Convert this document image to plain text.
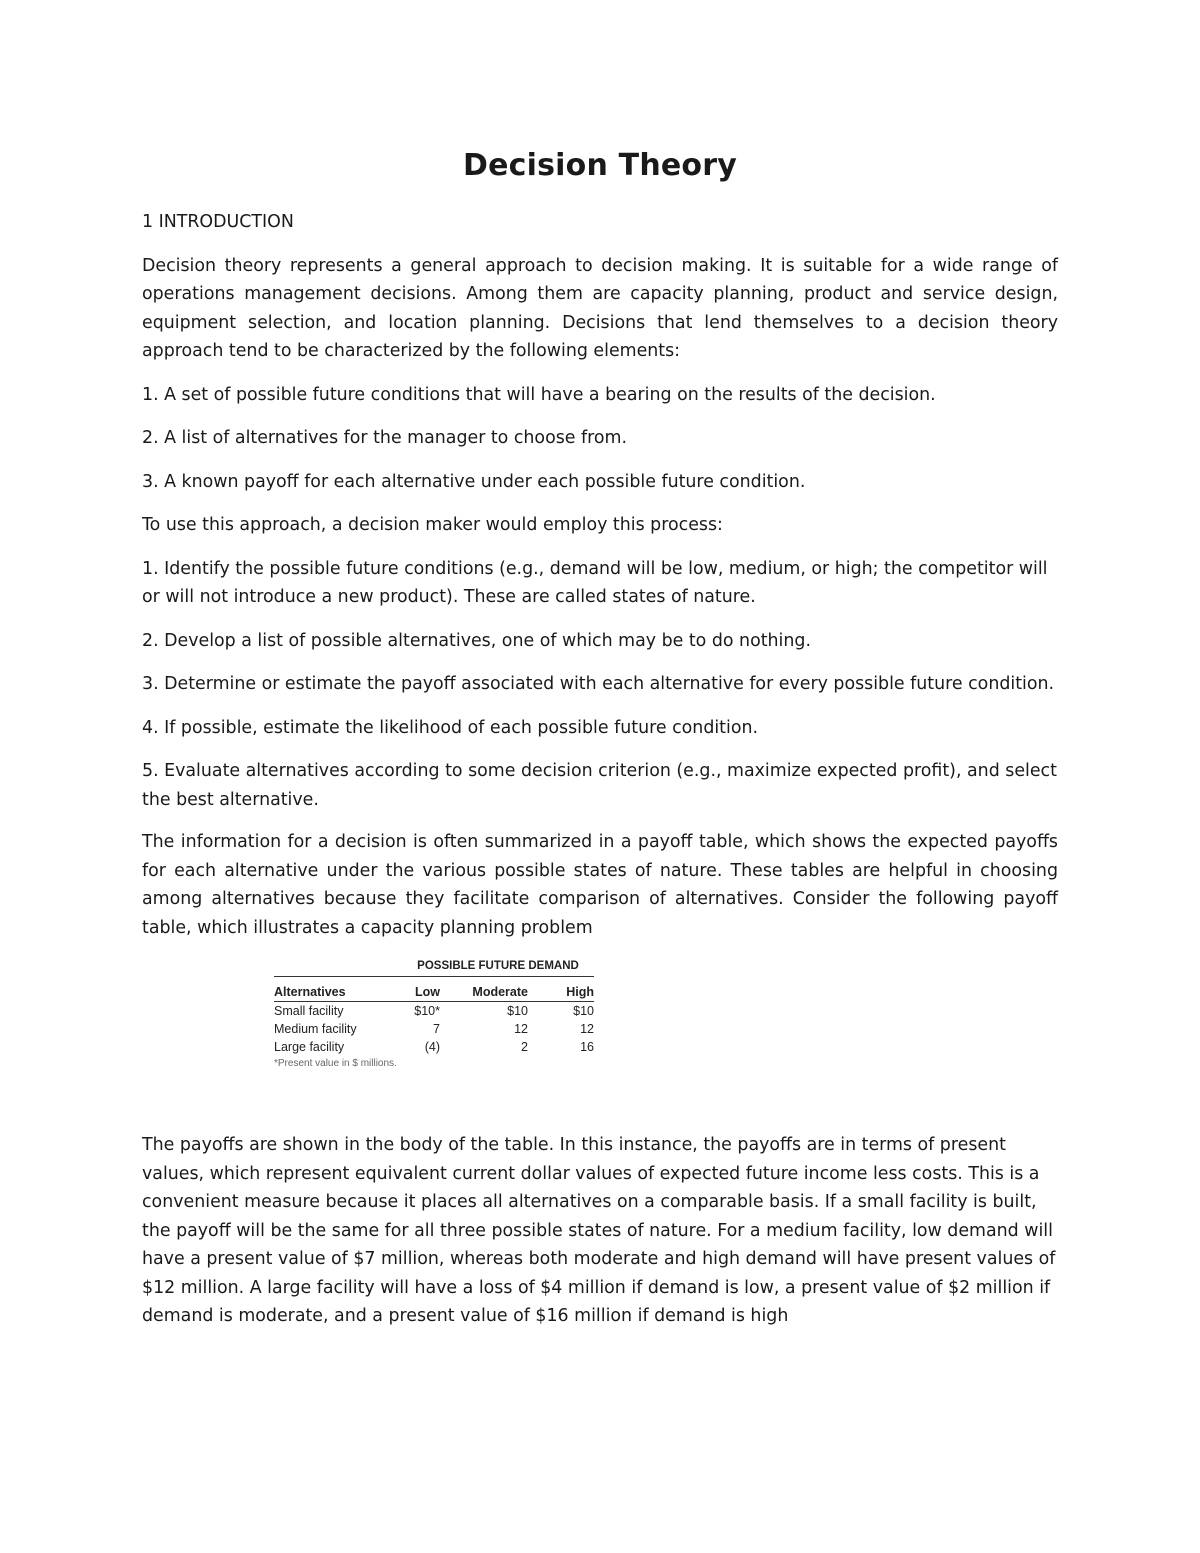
Decision Theory

1 INTRODUCTION

Decision theory represents a general approach to decision making. It is suitable for a wide range of operations management decisions. Among them are capacity planning, product and service design, equipment selection, and location planning. Decisions that lend themselves to a decision theory approach tend to be characterized by the following elements:

1. A set of possible future conditions that will have a bearing on the results of the decision.

2. A list of alternatives for the manager to choose from.

3. A known payoff for each alternative under each possible future condition.

To use this approach, a decision maker would employ this process:

1. Identify the possible future conditions (e.g., demand will be low, medium, or high; the competitor will or will not introduce a new product). These are called states of nature.

2. Develop a list of possible alternatives, one of which may be to do nothing.

3. Determine or estimate the payoff associated with each alternative for every possible future condition.

4. If possible, estimate the likelihood of each possible future condition.

5. Evaluate alternatives according to some decision criterion (e.g., maximize expected profit), and select the best alternative.

The information for a decision is often summarized in a payoff table, which shows the expected payoffs for each alternative under the various possible states of nature. These tables are helpful in choosing among alternatives because they facilitate comparison of alternatives. Consider the following payoff table, which illustrates a capacity planning problem

	POSSIBLE FUTURE DEMAND		
Alternatives	Low	Moderate	High
Small facility	$10*	$10	$10
Medium facility	7	12	12
Large facility	(4)	2	16
*Present value in $ millions.

The payoffs are shown in the body of the table. In this instance, the payoffs are in terms of present values, which represent equivalent current dollar values of expected future income less costs. This is a convenient measure because it places all alternatives on a comparable basis. If a small facility is built, the payoff will be the same for all three possible states of nature. For a medium facility, low demand will have a present value of $7 million, whereas both moderate and high demand will have present values of $12 million. A large facility will have a loss of $4 million if demand is low, a present value of $2 million if demand is moderate, and a present value of $16 million if demand is high
